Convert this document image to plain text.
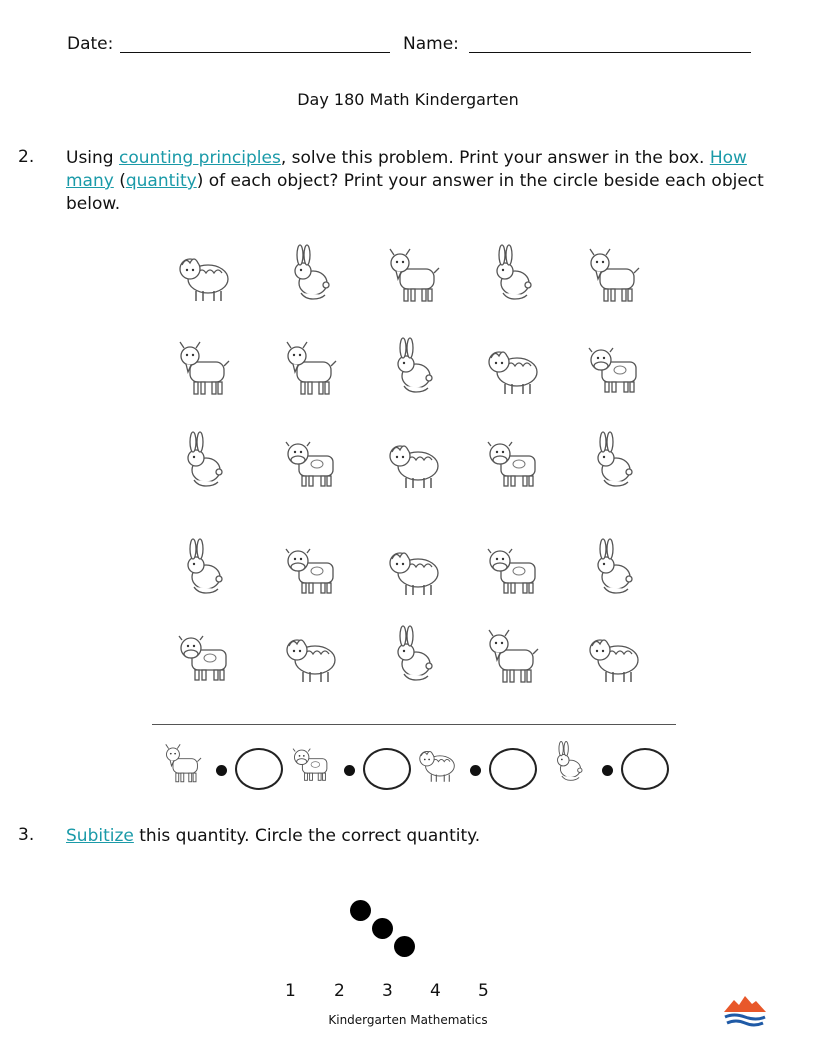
Date:	Name:
Day 180 Math Kindergarten
2. Using counting principles, solve this problem. Print your answer in the box. How many (quantity) of each object? Print your answer in the circle beside each object below.
3. Subitize this quantity. Circle the correct quantity.
1 2 3 4 5
Kindergarten Mathematics
